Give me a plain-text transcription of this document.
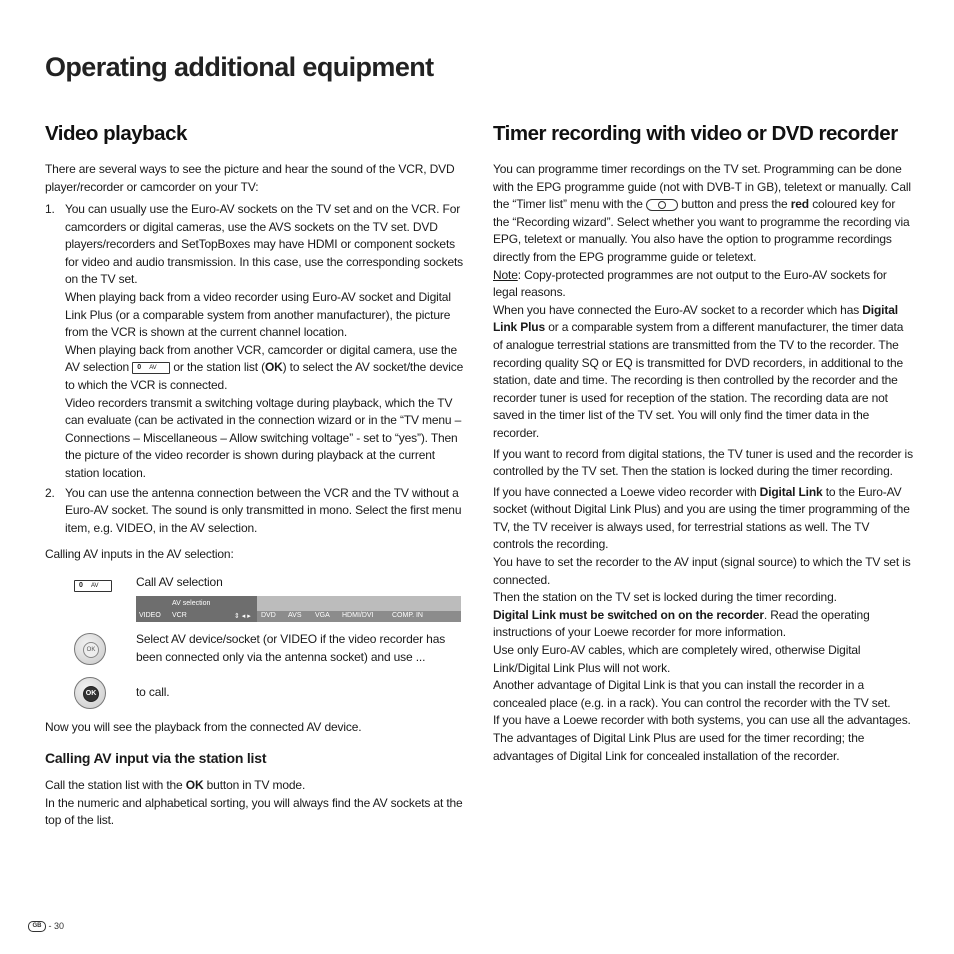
Operating additional equipment
Video playback
There are several ways to see the picture and hear the sound of the VCR, DVD player/recorder or camcorder on your TV:
1. You can usually use the Euro-AV sockets on the TV set and on the VCR. For camcorders or digital cameras, use the AVS sockets on the TV set. DVD players/recorders and SetTopBoxes may have HDMI or component sockets for video and audio transmission. In this case, use the corresponding sockets on the TV set.

When playing back from a video recorder using Euro-AV socket and Digital Link Plus (or a comparable system from another manufacturer), the picture from the VCR is shown at the current channel location.

When playing back from another VCR, camcorder or digital camera, use the AV selection 0 AV or the station list (OK) to select the AV socket/the device to which the VCR is connected.

Video recorders transmit a switching voltage during playback, which the TV can evaluate (can be activated in the connection wizard or in the “TV menu – Connections – Miscellaneous – Allow switching voltage” - set to “yes”). Then the picture of the video recorder is shown during playback at the current station location.

2. You can use the antenna connection between the VCR and the TV without a Euro-AV socket. The sound is only transmitted in mono. Select the first menu item, e.g. VIDEO, in the AV selection.

Calling AV inputs in the AV selection:
0 AV	Call AV selection
AV selection
VIDEO VCR	⇕ ◂ ▸ DVD AVS VGA HDMI/DVI	COMP. IN
OK
Select AV device/socket (or VIDEO if the video recorder has been connected only via the antenna socket) and use ...
OK	to call.
Now you will see the playback from the connected AV device.
Calling AV input via the station list

Call the station list with the OK button in TV mode.

In the numeric and alphabetical sorting, you will always find the AV sockets at the top of the list.

Timer recording with video or DVD recorder

You can programme timer recordings on the TV set. Programming can be done with the EPG programme guide (not with DVB-T in GB), teletext or manually. Call the “Timer list” menu with the	button and press the red coloured key for the “Recording wizard”. Select whether you want to programme the recording via EPG, teletext or manually. You also have the option to programme recordings directly from the EPG programme guide or teletext.

Note: Copy-protected programmes are not output to the Euro-AV sockets for legal reasons.

When you have connected the Euro-AV socket to a recorder which has Digital Link Plus or a comparable system from a different manufacturer, the timer data of analogue terrestrial stations are transmitted from the TV to the recorder. The recording quality SQ or EQ is transmitted for DVD recorders, in additional to the station, date and time. The recording is then controlled by the recorder and the recorder tuner is used for reception of the station. The recording data are not saved in the timer list of the TV set. You will only find the timer data in the recorder.

If you want to record from digital stations, the TV tuner is used and the recorder is controlled by the TV set. Then the station is locked during the timer recording.

If you have connected a Loewe video recorder with Digital Link to the Euro-AV socket (without Digital Link Plus) and you are using the timer programming of the TV, the TV receiver is always used, for terrestrial stations as well. The TV controls the recording.

You have to set the recorder to the AV input (signal source) to which the TV set is connected.

Then the station on the TV set is locked during the timer recording.

Digital Link must be switched on on the recorder. Read the operating instructions of your Loewe recorder for more information.

Use only Euro-AV cables, which are completely wired, otherwise Digital Link/Digital Link Plus will not work.

Another advantage of Digital Link is that you can install the recorder in a concealed place (e.g. in a rack). You can control the recorder with the TV set.

If you have a Loewe recorder with both systems, you can use all the advantages. The advantages of Digital Link Plus are used for the timer recording; the advantages of Digital Link for concealed installation of the recorder.

GB - 30
